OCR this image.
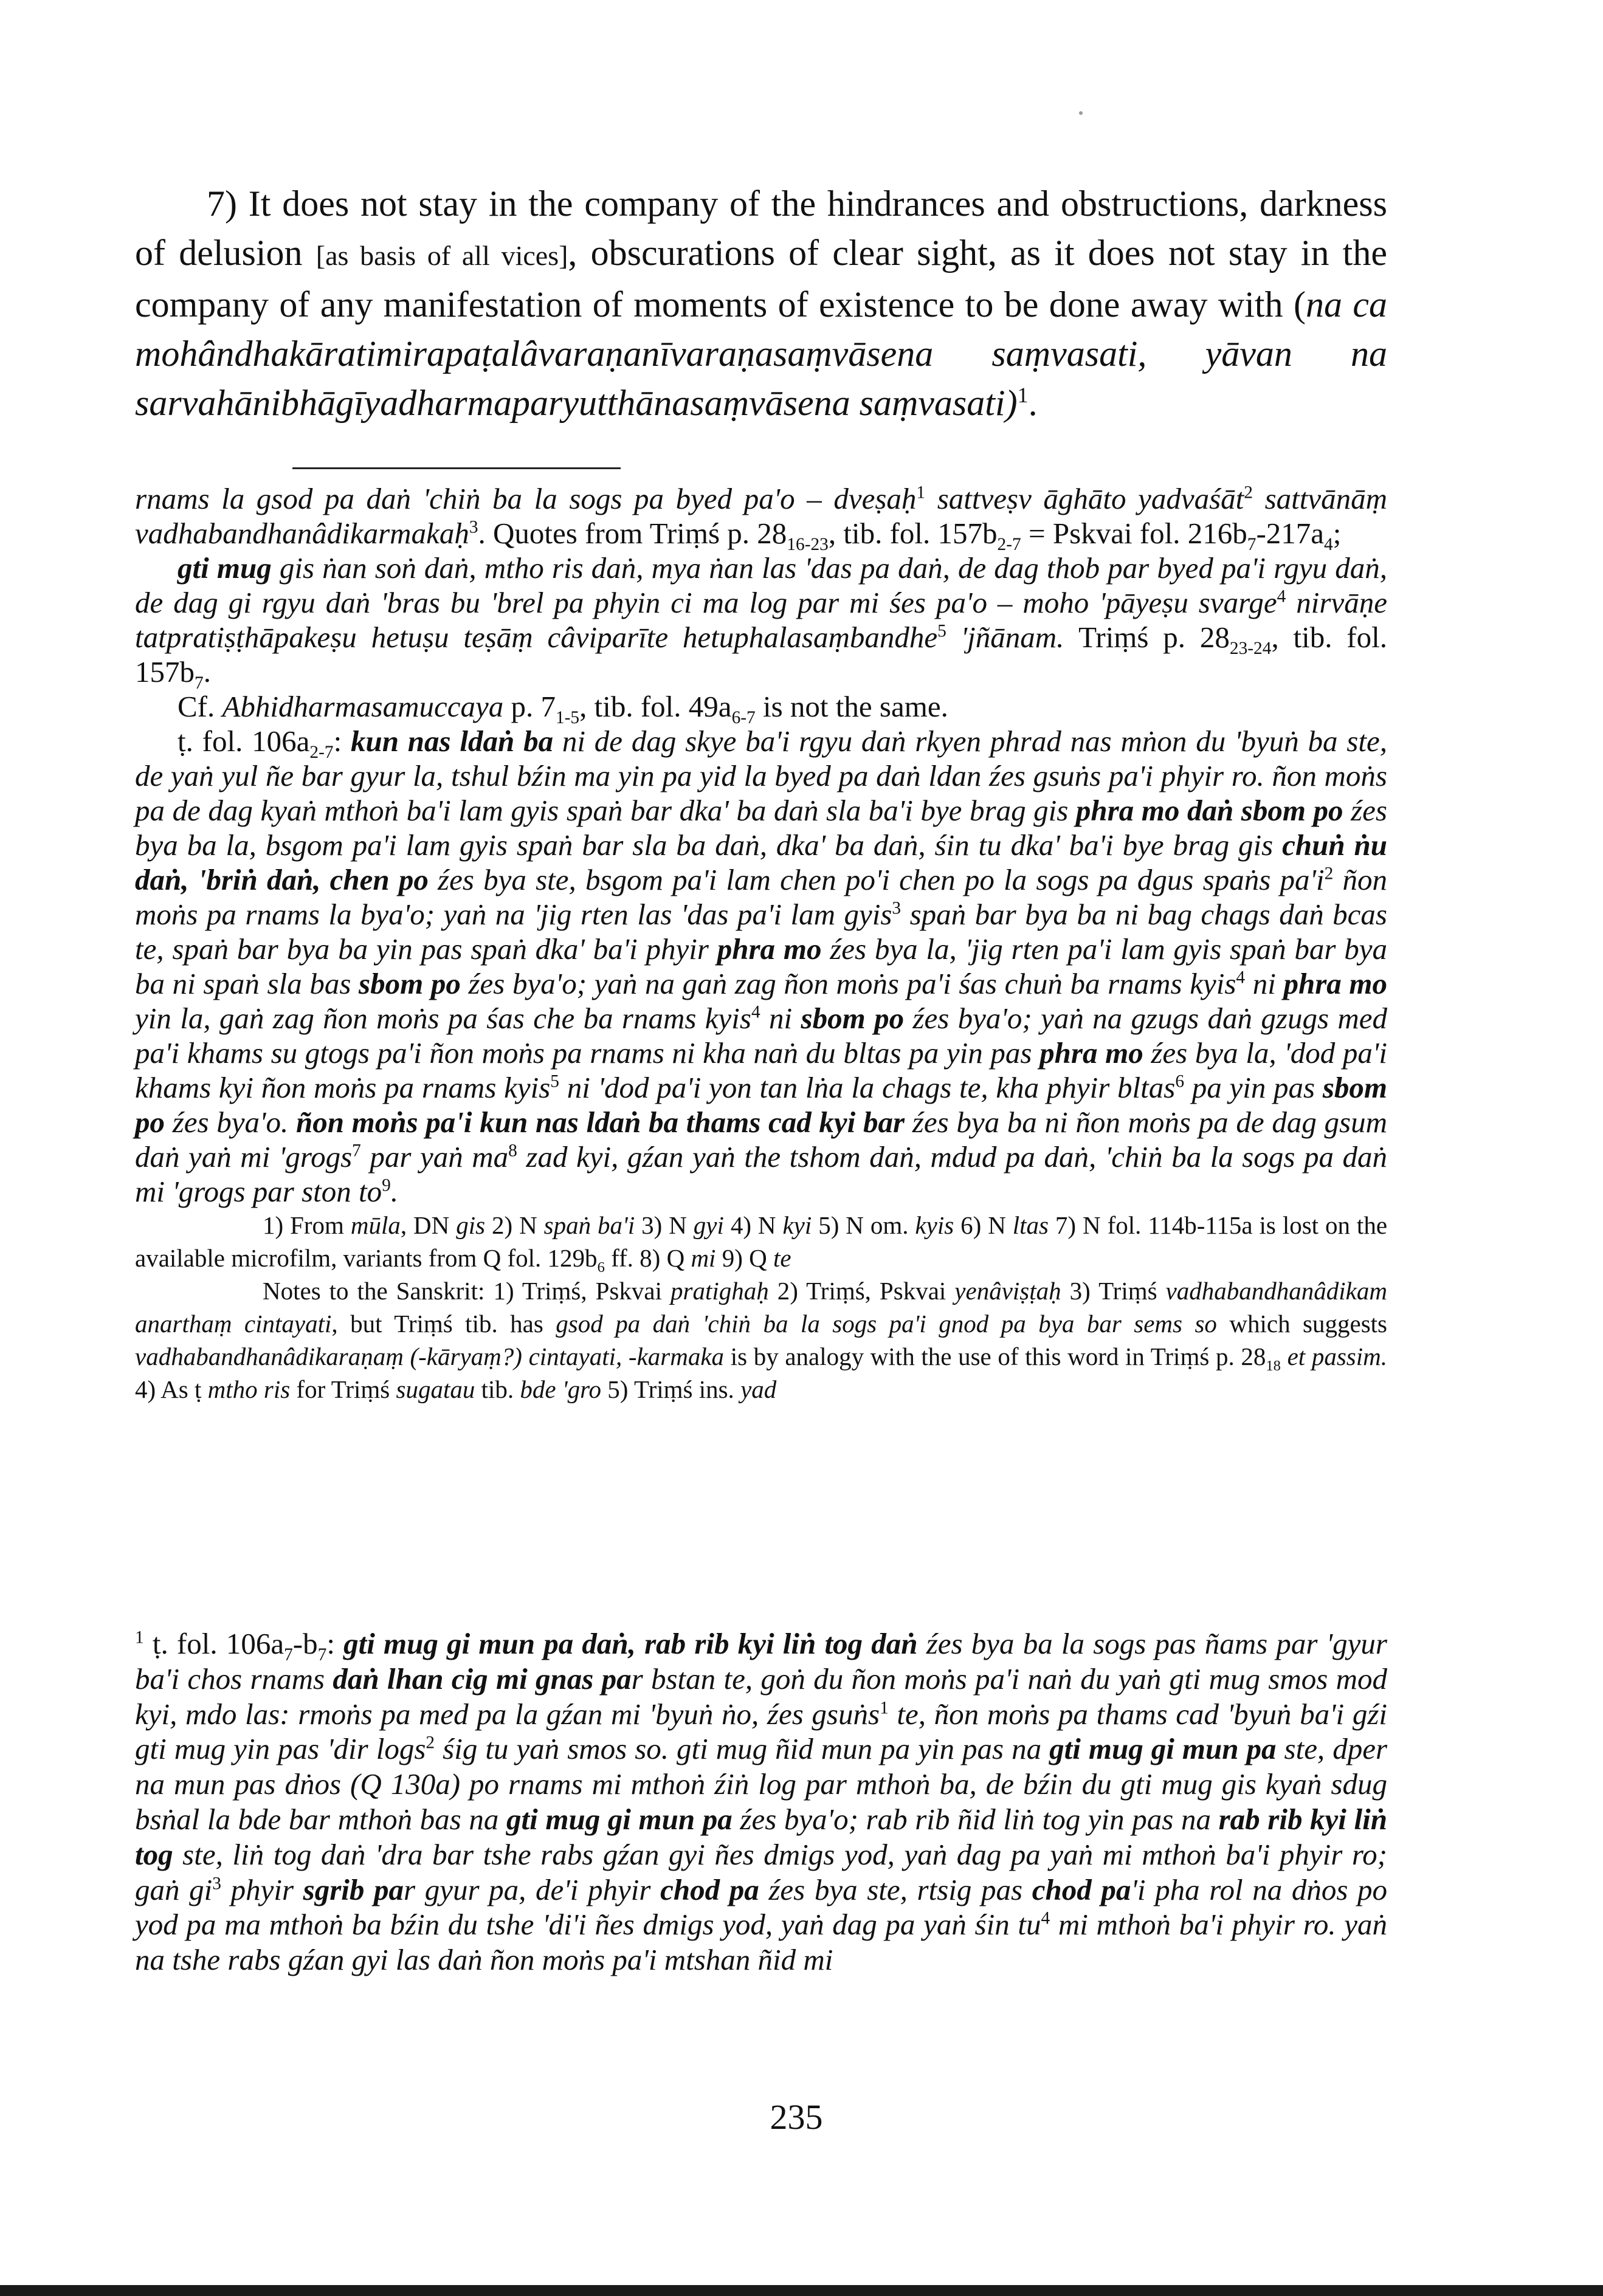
7) It does not stay in the company of the hindrances and obstructions, darkness of delusion [as basis of all vices], obscurations of clear sight, as it does not stay in the company of any manifestation of moments of existence to be done away with (na ca mohândhakāratimirapaṭalâvaraṇanīvaraṇasaṃvāsena saṃvasati, yāvan na sarvahānibhāgīyadharmaparyutthānasaṃvāsena saṃvasati)$^1$.

rnams la gsod pa daṅ 'chiṅ ba la sogs pa byed pa'o – dveṣaḥ$^1$ sattveṣv āghāto yadvaśāt$^2$ sattvānāṃ vadhabandhanâdikarmakaḥ$^3$. Quotes from Triṃś p. $28_{16-23}$, tib. fol. $157b_{2-7}$ = Pskvai fol. $216b_7-217a_4$;

gti mug gis ṅan soṅ daṅ, mtho ris daṅ, mya ṅan las 'das pa daṅ, de dag thob par byed pa'i rgyu daṅ, de dag gi rgyu daṅ 'bras bu 'brel pa phyin ci ma log par mi śes pa'o – moho 'pāyeṣu svarge$^4$ nirvāṇe tatpratiṣṭhāpakeṣu hetuṣu teṣāṃ câviparīte hetuphalasaṃbandhe$^5$ 'jñānam. Triṃś p. $28_{23-24}$, tib. fol. $157b_7$.

Cf. Abhidharmasamuccaya p. $7_{1-5}$, tib. fol. $49a_{6-7}$ is not the same.

ṭ. fol. $106a_{2-7}$: kun nas ldaṅ ba ni de dag skye ba'i rgyu daṅ rkyen phrad nas mṅon du 'byuṅ ba ste, de yaṅ yul ñe bar gyur la, tshul bźin ma yin pa yid la byed pa daṅ ldan źes gsuṅs pa'i phyir ro. ñon moṅs pa de dag kyaṅ mthoṅ ba'i lam gyis spaṅ bar dka' ba daṅ sla ba'i bye brag gis phra mo daṅ sbom po źes bya ba la, bsgom pa'i lam gyis spaṅ bar sla ba daṅ, dka' ba daṅ, śin tu dka' ba'i bye brag gis chuṅ ṅu daṅ, 'briṅ daṅ, chen po źes bya ste, bsgom pa'i lam chen po'i chen po la sogs pa dgus spaṅs $pa'i^2$ ñon moṅs pa rnams la bya'o; yaṅ na 'jig rten las 'das pa'i lam gyis$^3$ spaṅ bar bya ba ni bag chags daṅ bcas te, spaṅ bar bya ba yin pas spaṅ dka' ba'i phyir phra mo źes bya la, 'jig rten pa'i lam gyis spaṅ bar bya ba ni spaṅ sla bas sbom po źes bya'o; yaṅ na gaṅ zag ñon moṅs pa'i śas chuṅ ba rnams kyis$^4$ ni phra mo yin la, gaṅ zag ñon moṅs pa śas che ba rnams kyis$^4$ ni sbom po źes bya'o; yaṅ na gzugs daṅ gzugs med pa'i khams su gtogs pa'i ñon moṅs pa rnams ni kha naṅ du bltas pa yin pas phra mo źes bya la, 'dod pa'i khams kyi ñon moṅs pa rnams kyis$^5$ ni 'dod pa'i yon tan lṅa la chags te, kha phyir bltas$^6$ pa yin pas sbom po źes bya'o. ñon moṅs pa'i kun nas ldaṅ ba thams cad kyi bar źes bya ba ni ñon moṅs pa de dag gsum daṅ yaṅ mi 'grogs$^7$ par yaṅ $ma^8$ zad kyi, gźan yaṅ the tshom daṅ, mdud pa daṅ, 'chiṅ ba la sogs pa daṅ mi 'grogs par ston $to^9$.

1) From mūla, DN gis 2) N spaṅ ba'i 3) N gyi 4) N kyi 5) N om. kyis 6) N ltas 7) N fol. 114b-115a is lost on the available microfilm, variants from Q fol. $129b_6$ ff. 8) Q mi 9) Q te

Notes to the Sanskrit: 1) Triṃś, Pskvai pratighaḥ 2) Triṃś, Pskvai yenâviṣṭaḥ 3) Triṃś vadhabandhanâdikam anarthaṃ cintayati, but Triṃś tib. has gsod pa daṅ 'chiṅ ba la sogs pa'i gnod pa bya bar sems so which suggests vadhabandhanâdikaraṇaṃ (-kāryaṃ?) cintayati, -karmaka is by analogy with the use of this word in Triṃś p. $28_{18}$ et passim. 4) As ṭ mtho ris for Triṃś sugatau tib. bde 'gro 5) Triṃś ins. yad

$^1$ ṭ. fol. $106a_7-b_7$: gti mug gi mun pa daṅ, rab rib kyi liṅ tog daṅ źes bya ba la sogs pas ñams par 'gyur ba'i chos rnams daṅ lhan cig mi gnas par bstan te, goṅ du ñon moṅs pa'i naṅ du yaṅ gti mug smos mod kyi, mdo las: rmoṅs pa med pa la gźan mi 'byuṅ ṅo, źes gsuṅs$^1$ te, ñon moṅs pa thams cad 'byuṅ ba'i gźi gti mug yin pas 'dir logs$^2$ śig tu yaṅ smos so. gti mug ñid mun pa yin pas na gti mug gi mun pa ste, dper na mun pas dṅos (Q 130a) po rnams mi mthoṅ źiṅ log par mthoṅ ba, de bźin du gti mug gis kyaṅ sdug bsṅal la bde bar mthoṅ bas na gti mug gi mun pa źes bya'o; rab rib ñid liṅ tog yin pas na rab rib kyi liṅ tog ste, liṅ tog daṅ 'dra bar tshe rabs gźan gyi ñes dmigs yod, yaṅ dag pa yaṅ mi mthoṅ ba'i phyir ro; gaṅ $gi^3$ phyir sgrib par gyur pa, de'i phyir chod pa źes bya ste, rtsig pas chod pa'i pha rol na dṅos po yod pa ma mthoṅ ba bźin du tshe 'di'i ñes dmigs yod, yaṅ dag pa yaṅ śin $tu^4$ mi mthoṅ ba'i phyir ro. yaṅ na tshe rabs gźan gyi las daṅ ñon moṅs pa'i mtshan ñid mi

235
